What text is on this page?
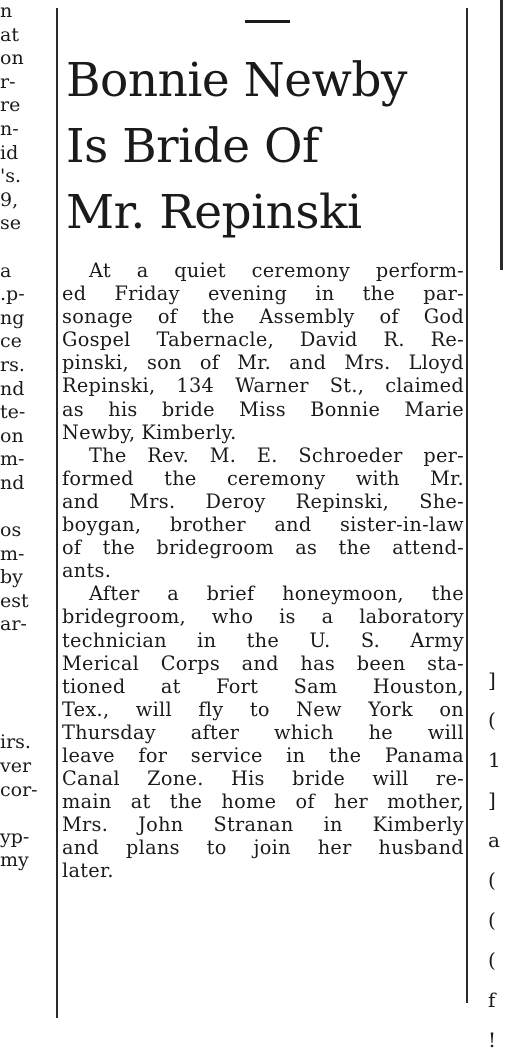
n
at
on
r-
re
n-
id
's.
9,
se
a
.p-
ng
ce
rs.
nd
te-
on
m-
nd
os
m-
by
est
ar-
irs.
ver
cor-
yp-
my
Bonnie Newby
Is Bride Of
Mr. Repinski

At a quiet ceremony perform-
ed Friday evening in the par-
sonage of the Assembly of God
Gospel Tabernacle, David R. Re-
pinski, son of Mr. and Mrs. Lloyd
Repinski, 134 Warner St., claimed
as his bride Miss Bonnie Marie
Newby, Kimberly.

The Rev. M. E. Schroeder per-
formed the ceremony with Mr.
and Mrs. Deroy Repinski, She-
boygan, brother and sister-in-law
of the bridegroom as the attend-
ants.

After a brief honeymoon, the
bridegroom, who is a laboratory
technician in the U. S. Army
Merical Corps and has been sta-
tioned at Fort Sam Houston,
Tex., will fly to New York on
Thursday after which he will
leave for service in the Panama
Canal Zone. His bride will re-
main at the home of her mother,
Mrs. John Stranan in Kimberly
and plans to join her husband
later.

]
(
1
]
a
(
(
(
f
!
